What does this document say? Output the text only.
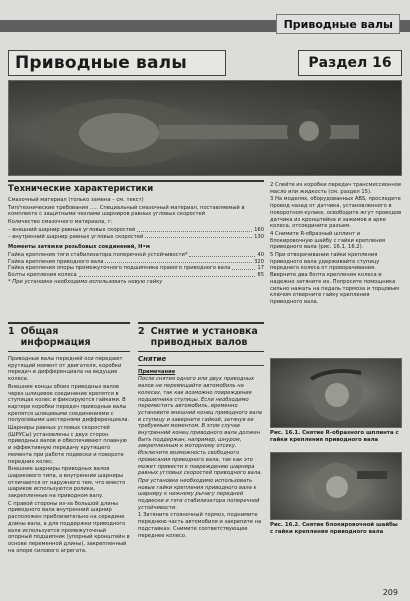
Приводные валы
Приводные валы	Раздел 16
Технические характеристики

Смазочный материал (только замена – см. текст)

Тип/технические требования ..... Специальный смазочный материал, поставляемый в комплекте с защитными чехлами шарниров равных угловых скоростей

Количество смазочного материала, г:

– внешний шарнир равных угловых скоростей	160
– внутренний шарнир равных угловых скоростей	130

Моменты затяжки резьбовых соединений, Н•м

Гайка крепления тяги стабилизатора поперечной устойчивости*	40
Гайка крепления приводного вала	320
Гайка крепления опоры промежуточного подшипника правого приводного вала	17
Болты крепления колеса	85

* При установке необходимо использовать новую гайку

2 Слейте из коробки передач трансмиссионное масло или жидкость (см. раздел 15).

3 На моделях, оборудованных ABS, проследите провод назад от датчика, установленного в поворотном кулаке, освободите жгут проводов датчика из кронштейна и зажимов в арке колеса, отсоедините разъем.

4 Снимите R-образный шплинт и блокировочную шайбу с гайки крепления приводного вала (рис. 16.1, 16.2).

5 При отворачивании гайки крепления приводного вала удерживайте ступицу переднего колеса от проворачивания. Вверните два болта крепления колеса и надежно затяните их. Попросите помощника сильно нажать на педаль тормоза и торцовым ключом отверните гайку крепления приводного вала.

1 Общая информация

Приводные валы передней оси передают крутящий момент от двигателя, коробки передач и дифференциала на ведущие колеса.

Внешние концы обоих приводных валов через шлицевое соединение крепятся в ступицах колес и фиксируются гайками. В картере коробки передач приводные валы крепятся шлицевыми соединениями с полуосевыми шестернями дифференциала.

Шарниры равных угловых скоростей (ШРУСы) установлены с двух сторон приводных валов и обеспечивают плавную и эффективную передачу крутящего момента при работе подвески и повороте передних колес.

Внешние шарниры приводных валов шарикового типа, а внутренние шарниры отличаются от наружного тем, что вместо шариков используются ролики, закрепленные на приводном валу.

С правой стороны из-за большой длины приводного вала внутренний шарнир расположен приблизительно на середине длины вала, а для поддержки приводного вала используется промежуточный опорный подшипник (упорный кронштейн в основе переменной длины), закрепленный на опоре силового агрегата.

2 Снятие и установка приводных валов
Снятие

Примечание

После снятия одного или двух приводных валов не перемещайте автомобиль на колесах, так как возможно повреждение подшипника ступицы. Если необходимо переместить автомобиль, временно установите внешний конец приводного вала в ступицу и заверните гайкой, затянув ее требуемым моментом. В этом случае внутренний конец приводного вала должен быть поддержан, например, шнуром, закрепленным к моторному отсеку. Исключите возможность свободного провисания приводного вала, так как это может привести к повреждению шарнира равных угловых скоростей приводного вала.

При установке необходимо использовать новые гайки крепления приводного вала к шарниру к нижнему рычагу передней подвески и тяги стабилизатора поперечной устойчивости.

1 Затяните стояночный тормоз, поднимите переднюю часть автомобиля и закрепите на подставках. Снимите соответствующее переднее колесо.

Рис. 16.1. Снятие R-образного шплинта с гайки крепления приводного вала
Рис. 16.2. Снятие блокировочной шайбы с гайки крепления приводного вала
209
